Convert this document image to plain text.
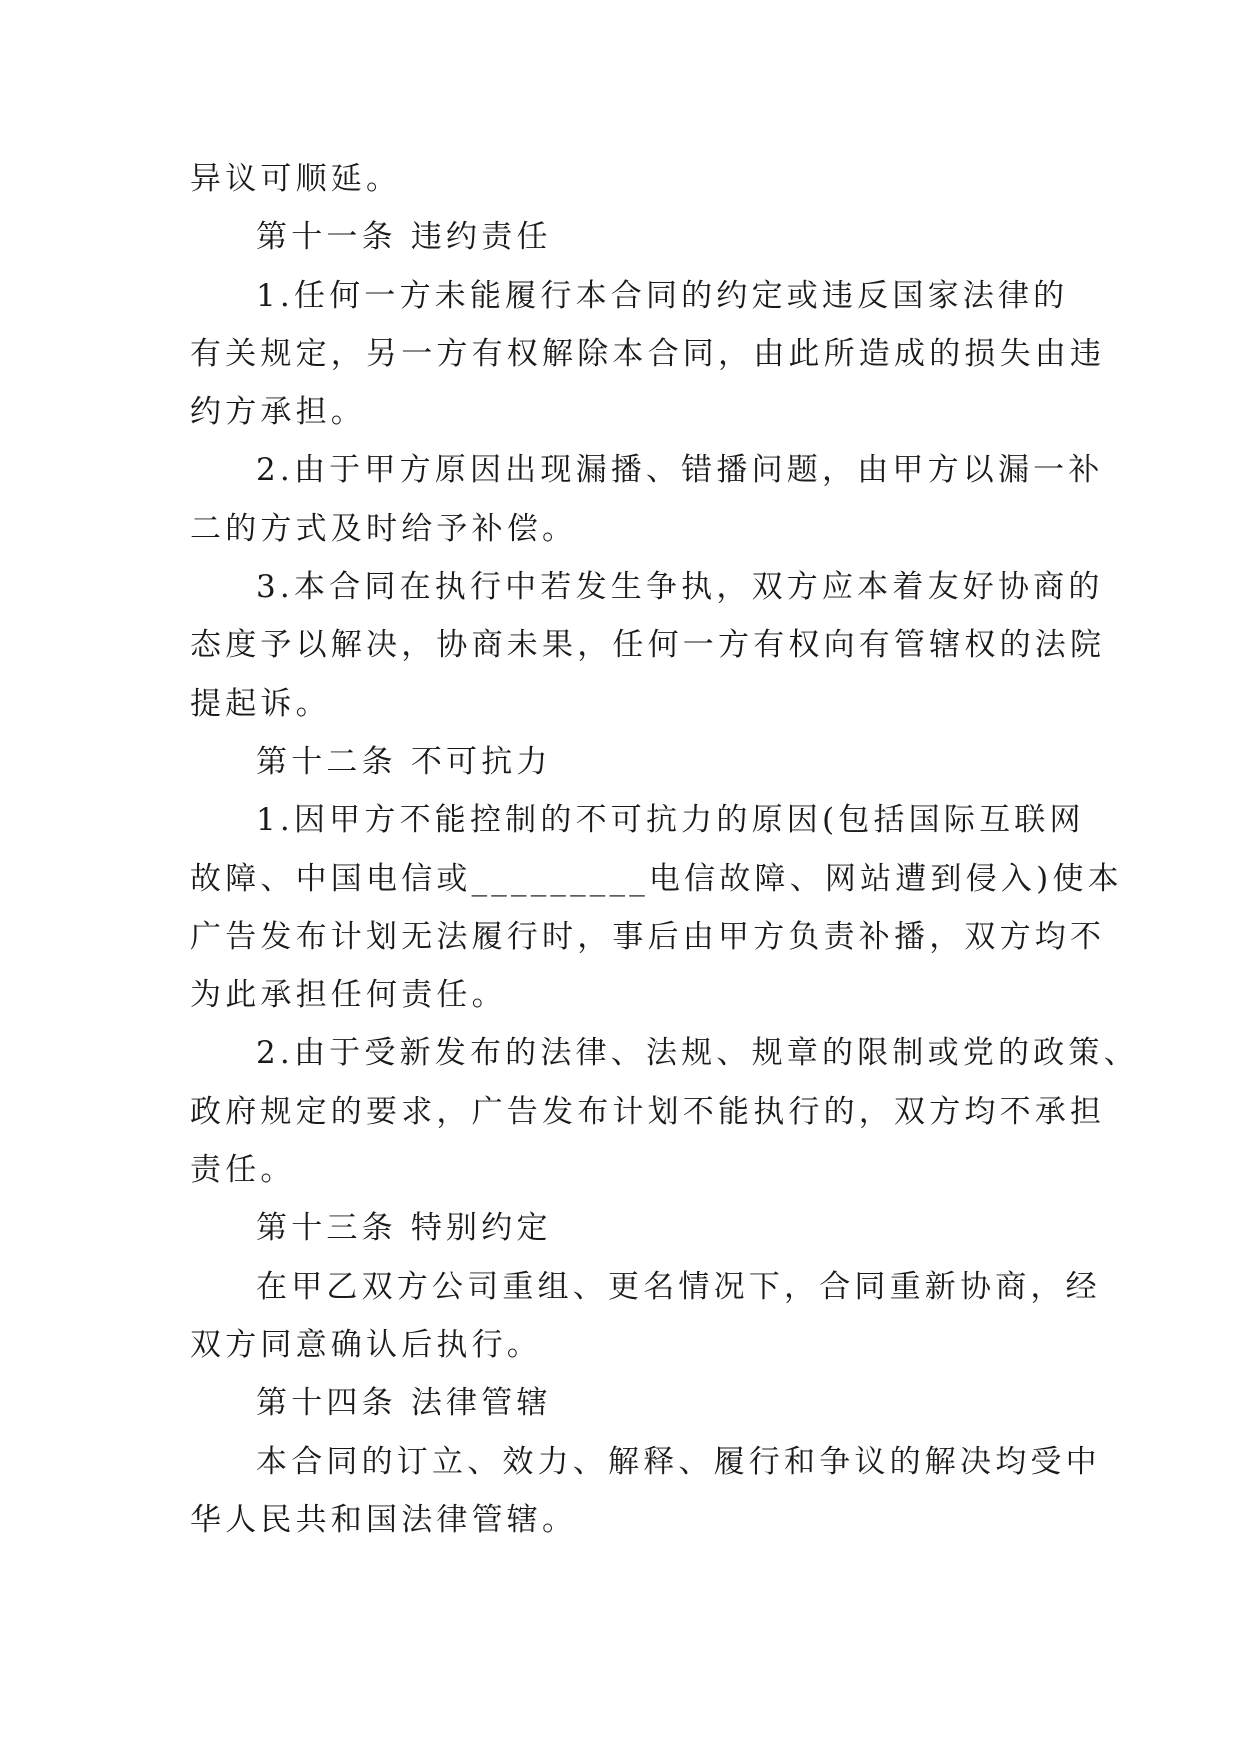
异议可顺延。
第十一条 违约责任
1.任何一方未能履行本合同的约定或违反国家法律的
有关规定，另一方有权解除本合同，由此所造成的损失由违
约方承担。
2.由于甲方原因出现漏播、错播问题，由甲方以漏一补
二的方式及时给予补偿。
3.本合同在执行中若发生争执，双方应本着友好协商的
态度予以解决，协商未果，任何一方有权向有管辖权的法院
提起诉。
第十二条 不可抗力
1.因甲方不能控制的不可抗力的原因(包括国际互联网
故障、中国电信或_________电信故障、网站遭到侵入)使本
广告发布计划无法履行时，事后由甲方负责补播，双方均不
为此承担任何责任。
2.由于受新发布的法律、法规、规章的限制或党的政策、
政府规定的要求，广告发布计划不能执行的，双方均不承担
责任。
第十三条 特别约定
在甲乙双方公司重组、更名情况下，合同重新协商，经
双方同意确认后执行。
第十四条 法律管辖
本合同的订立、效力、解释、履行和争议的解决均受中
华人民共和国法律管辖。
